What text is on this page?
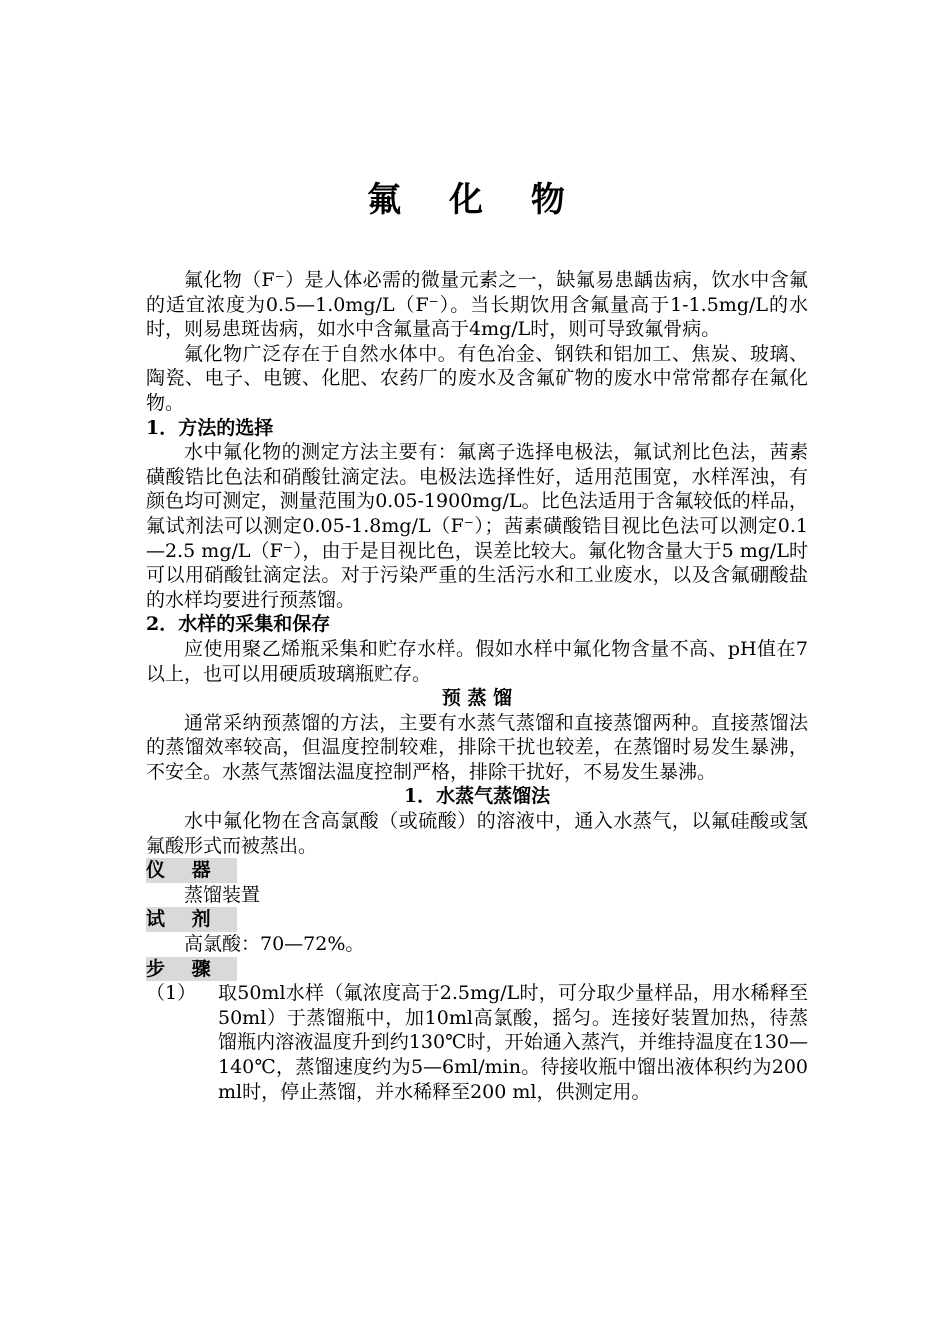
氟 化 物

氟化物（F⁻）是人体必需的微量元素之一，缺氟易患龋齿病，饮水中含氟的适宜浓度为0.5—1.0mg/L（F⁻）。当长期饮用含氟量高于1-1.5mg/L的水时，则易患斑齿病，如水中含氟量高于4mg/L时，则可导致氟骨病。

氟化物广泛存在于自然水体中。有色冶金、钢铁和铝加工、焦炭、玻璃、陶瓷、电子、电镀、化肥、农药厂的废水及含氟矿物的废水中常常都存在氟化物。

1．方法的选择

水中氟化物的测定方法主要有：氟离子选择电极法，氟试剂比色法，茜素磺酸锆比色法和硝酸钍滴定法。电极法选择性好，适用范围宽，水样浑浊，有颜色均可测定，测量范围为0.05-1900mg/L。比色法适用于含氟较低的样品，氟试剂法可以测定0.05-1.8mg/L（F⁻）；茜素磺酸锆目视比色法可以测定0.1—2.5 mg/L（F⁻），由于是目视比色，误差比较大。氟化物含量大于5 mg/L时可以用硝酸钍滴定法。对于污染严重的生活污水和工业废水，以及含氟硼酸盐的水样均要进行预蒸馏。

2．水样的采集和保存

应使用聚乙烯瓶采集和贮存水样。假如水样中氟化物含量不高、pH值在7以上，也可以用硬质玻璃瓶贮存。

预 蒸 馏

通常采纳预蒸馏的方法，主要有水蒸气蒸馏和直接蒸馏两种。直接蒸馏法的蒸馏效率较高，但温度控制较难，排除干扰也较差，在蒸馏时易发生暴沸，不安全。水蒸气蒸馏法温度控制严格，排除干扰好，不易发生暴沸。

1．水蒸气蒸馏法

水中氟化物在含高氯酸（或硫酸）的溶液中，通入水蒸气，以氟硅酸或氢氟酸形式而被蒸出。

仪 器

蒸馏装置

试 剂

高氯酸：70—72%。

步 骤

（1）	取50ml水样（氟浓度高于2.5mg/L时，可分取少量样品，用水稀释至50ml）于蒸馏瓶中，加10ml高氯酸，摇匀。连接好装置加热，待蒸馏瓶内溶液温度升到约130℃时，开始通入蒸汽，并维持温度在130—140℃，蒸馏速度约为5—6ml/min。待接收瓶中馏出液体积约为200 ml时，停止蒸馏，并水稀释至200 ml，供测定用。
